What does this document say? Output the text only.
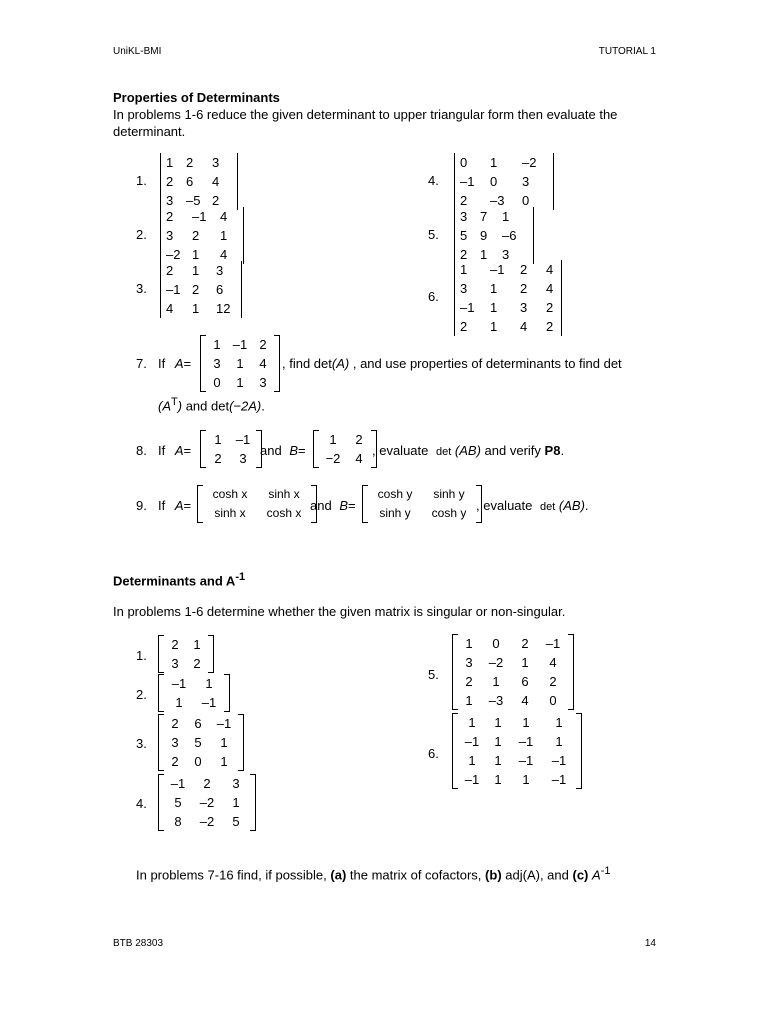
UniKL-BMI	TUTORIAL 1
Properties of Determinants
In problems 1-6 reduce the given determinant to upper triangular form then evaluate the determinant.
1.
1 2	3
2 6	4
3 –5 2
2.
2	–1	4
3	2	1
–2 1	4
3.
2	1	3
–1 2	6
4	1	12
4.
0	1	–2
–1	0	3
2	–3	0
5.
3 7	1
5 9	–6
2 1	3
6.
1	–1	2	4
3	1	2	4
–1	1	3	2
2	1	4	2
7. If A=
1 –1 2
3	1	4
0	1	3
, find det(A) , and use properties of determinants to find det
$(A^T)$ and det(−2A).
8. If A=
1	–1
2	3
and B=
1	2
−2	4
, evaluate det (AB) and verify P8.
9. If A=
cosh x	sinh x
sinh x	cosh x and B=
cosh y	sinh y
sinh y	cosh y , evaluate det (AB).
Determinants and $A^{-1}$
In problems 1-6 determine whether the given matrix is singular or non-singular.
1.
2	1
3	2
2.
–1	1
1	–1
3.
2	6	–1
3	5	1
2	0	1
4.
–1	2	3
5	–2	1
8	–2	5
5.
1	0	2	–1
3	–2	1	4
2	1	6	2
1	–3	4	0
6.
1	1	1	1
–1	1	–1	1
1	1	–1	–1
–1	1	1	–1
In problems 7-16 find, if possible, (a) the matrix of cofactors, (b) adj(A), and (c) $A^{-1}$
BTB 28303	14
